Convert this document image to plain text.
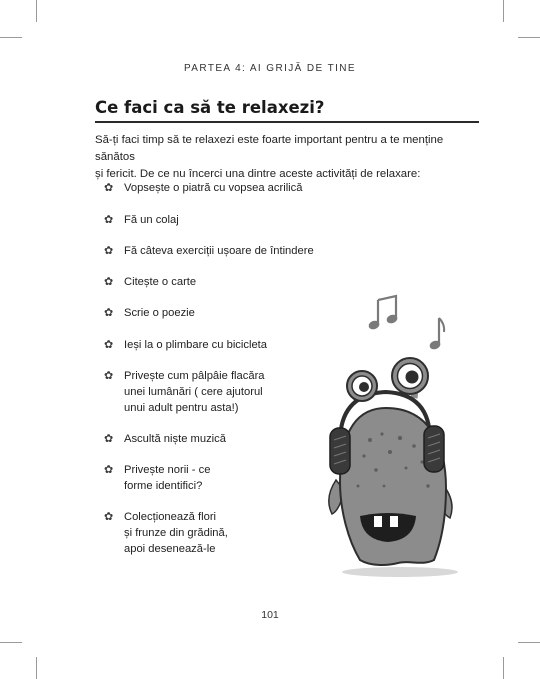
PARTEA 4: AI GRIJĂ DE TINE
Ce faci ca să te relaxezi?

Să-ți faci timp să te relaxezi este foarte important pentru a te menține sănătos

și fericit. De ce nu încerci una dintre aceste activități de relaxare:

✿ Vopsește o piatră cu vopsea acrilică
✿ Fă un colaj
✿ Fă câteva exerciții ușoare de întindere
✿ Citește o carte
✿ Scrie o poezie
✿ Ieși la o plimbare cu bicicleta
✿ Privește cum pâlpâie flacăra
unei lumânări ( cere ajutorul
unui adult pentru asta!)
✿ Ascultă niște muzică
✿ Privește norii - ce
forme identifici?
✿ Colecționează flori
și frunze din grădină,
apoi desenează-le
101
